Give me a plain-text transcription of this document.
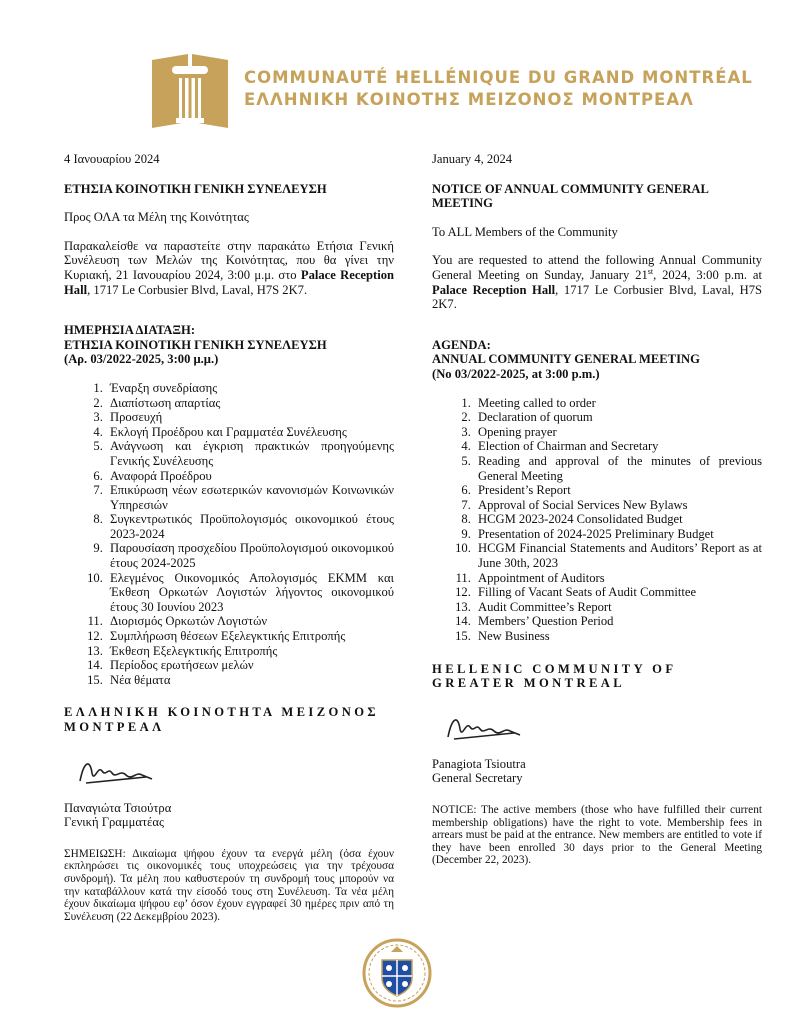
COMMUNAUTÉ HELLÉNIQUE DU GRAND MONTRÉAL
ΕΛΛΗΝΙΚΗ ΚΟΙΝΟΤΗΣ ΜΕΙΖΟΝΟΣ ΜΟΝΤΡΕΑΛ

4 Ιανουαρίου 2024

ΕΤΗΣΙΑ ΚΟΙΝΟΤΙΚΗ ΓΕΝΙΚΗ ΣΥΝΕΛΕΥΣΗ

Προς ΟΛΑ τα Μέλη της Κοινότητας

Παρακαλείσθε να παραστείτε στην παρακάτω Ετήσια Γενική Συνέλευση των Μελών της Κοινότητας, που θα γίνει την Κυριακή, 21 Ιανουαρίου 2024, 3:00 μ.μ. στο Palace Reception Hall, 1717 Le Corbusier Blvd, Laval, H7S 2K7.

ΗΜΕΡΗΣΙΑ ΔΙΑΤΑΞΗ:

ΕΤΗΣΙΑ ΚΟΙΝΟΤΙΚΗ ΓΕΝΙΚΗ ΣΥΝΕΛΕΥΣΗ

(Αρ. 03/2022-2025, 3:00 μ.μ.)

1. Έναρξη συνεδρίασης
2. Διαπίστωση απαρτίας
3. Προσευχή
4. Εκλογή Προέδρου και Γραμματέα Συνέλευσης
5. Ανάγνωση και έγκριση πρακτικών προηγούμενης Γενικής Συνέλευσης
6. Αναφορά Προέδρου
7. Επικύρωση νέων εσωτερικών κανονισμών Κοινωνικών Υπηρεσιών
8. Συγκεντρωτικός Προϋπολογισμός οικονομικού έτους 2023-2024
9. Παρουσίαση προσχεδίου Προϋπολογισμού οικονομικού έτους 2024-2025
10. Ελεγμένος Οικονομικός Απολογισμός ΕΚΜΜ και Έκθεση Ορκωτών Λογιστών λήγοντος οικονομικού έτους 30 Ιουνίου 2023
11. Διορισμός Ορκωτών Λογιστών
12. Συμπλήρωση θέσεων Εξελεγκτικής Επιτροπής
13. Έκθεση Εξελεγκτικής Επιτροπής
14. Περίοδος ερωτήσεων μελών
15. Νέα θέματα

ΕΛΛΗΝΙΚΗ ΚΟΙΝΟΤΗΤΑ ΜΕΙΖΟΝΟΣ ΜΟΝΤΡΕΑΛ

Παναγιώτα Τσιούτρα

Γενική Γραμματέας

ΣΗΜΕΙΩΣΗ: Δικαίωμα ψήφου έχουν τα ενεργά μέλη (όσα έχουν εκπληρώσει τις οικονομικές τους υποχρεώσεις για την τρέχουσα συνδρομή). Τα μέλη που καθυστερούν τη συνδρομή τους μπορούν να την καταβάλλουν κατά την είσοδό τους στη Συνέλευση. Τα νέα μέλη έχουν δικαίωμα ψήφου εφ’ όσον έχουν εγγραφεί 30 ημέρες πριν από τη Συνέλευση (22 Δεκεμβρίου 2023).

January 4, 2024

NOTICE OF ANNUAL COMMUNITY GENERAL MEETING

To ALL Members of the Community

You are requested to attend the following Annual Community General Meeting on Sunday, January 21st, 2024, 3:00 p.m. at Palace Reception Hall, 1717 Le Corbusier Blvd, Laval, H7S 2K7.

AGENDA:

ANNUAL COMMUNITY GENERAL MEETING

(No 03/2022-2025, at 3:00 p.m.)

1. Meeting called to order
2. Declaration of quorum
3. Opening prayer
4. Election of Chairman and Secretary
5. Reading and approval of the minutes of previous General Meeting
6. President’s Report
7. Approval of Social Services New Bylaws
8. HCGM 2023-2024 Consolidated Budget
9. Presentation of 2024-2025 Preliminary Budget
10. HCGM Financial Statements and Auditors’ Report as at June 30th, 2023
11. Appointment of Auditors
12. Filling of Vacant Seats of Audit Committee
13. Audit Committee’s Report
14. Members’ Question Period
15. New Business

HELLENIC COMMUNITY OF GREATER MONTREAL

Panagiota Tsioutra

General Secretary

NOTICE: The active members (those who have fulfilled their current membership obligations) have the right to vote. Membership fees in arrears must be paid at the entrance. New members are entitled to vote if they have been enrolled 30 days prior to the General Meeting (December 22, 2023).
